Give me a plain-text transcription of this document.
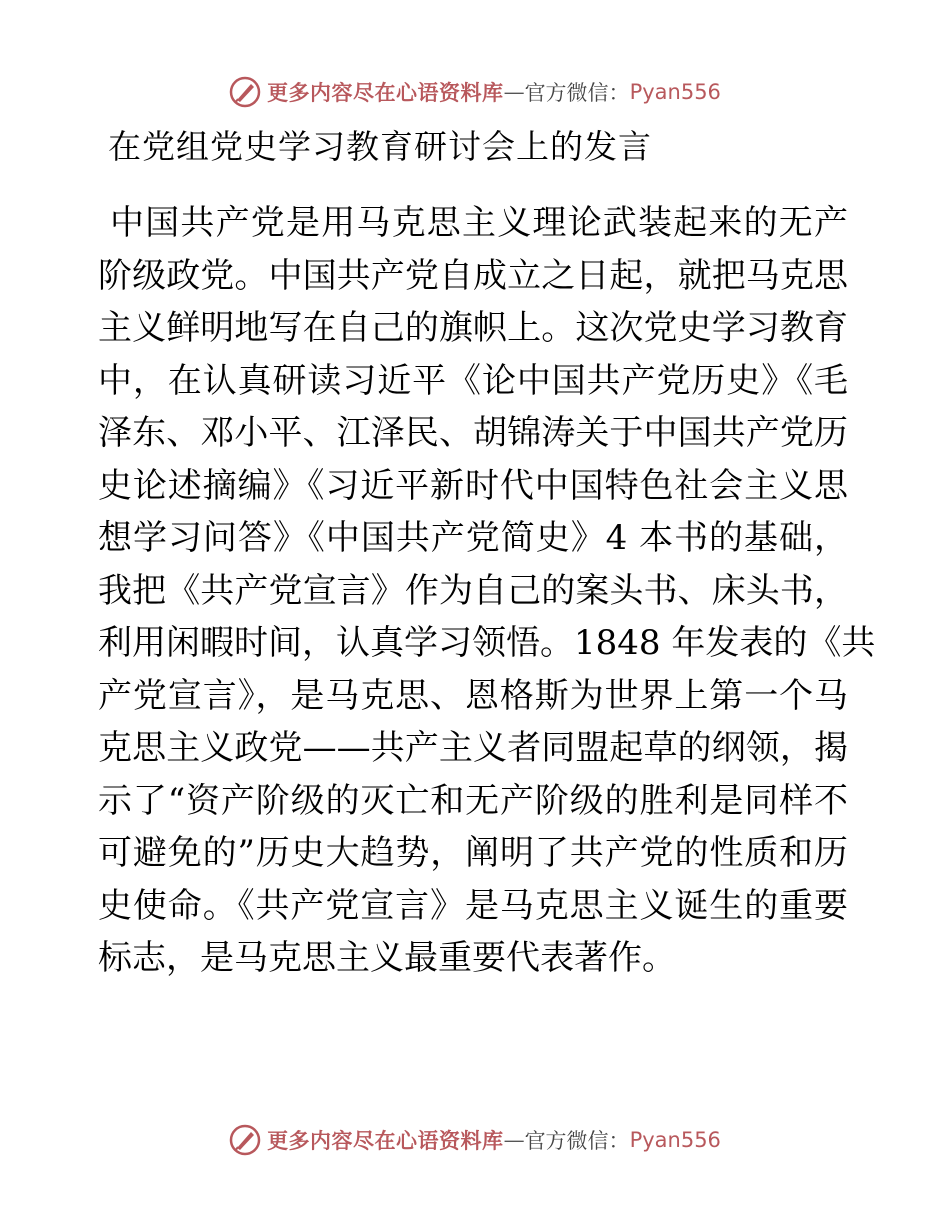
更多内容尽在心语资料库 — 官方微信： Pyan556
在党组党史学习教育研讨会上的发言
中国共产党是用马克思主义理论武装起来的无产
阶级政党。中国共产党自成立之日起，就把马克思
主义鲜明地写在自己的旗帜上。这次党史学习教育
中，在认真研读习近平《论中国共产党历史》《毛
泽东、邓小平、江泽民、胡锦涛关于中国共产党历
史论述摘编》《习近平新时代中国特色社会主义思
想学习问答》《中国共产党简史》4 本书的基础，
我把《共产党宣言》作为自己的案头书、床头书，
利用闲暇时间，认真学习领悟。1848 年发表的《共
产党宣言》，是马克思、恩格斯为世界上第一个马
克思主义政党——共产主义者同盟起草的纲领，揭
示了“资产阶级的灭亡和无产阶级的胜利是同样不
可避免的”历史大趋势，阐明了共产党的性质和历
史使命。《共产党宣言》是马克思主义诞生的重要
标志，是马克思主义最重要代表著作。
更多内容尽在心语资料库 — 官方微信： Pyan556
